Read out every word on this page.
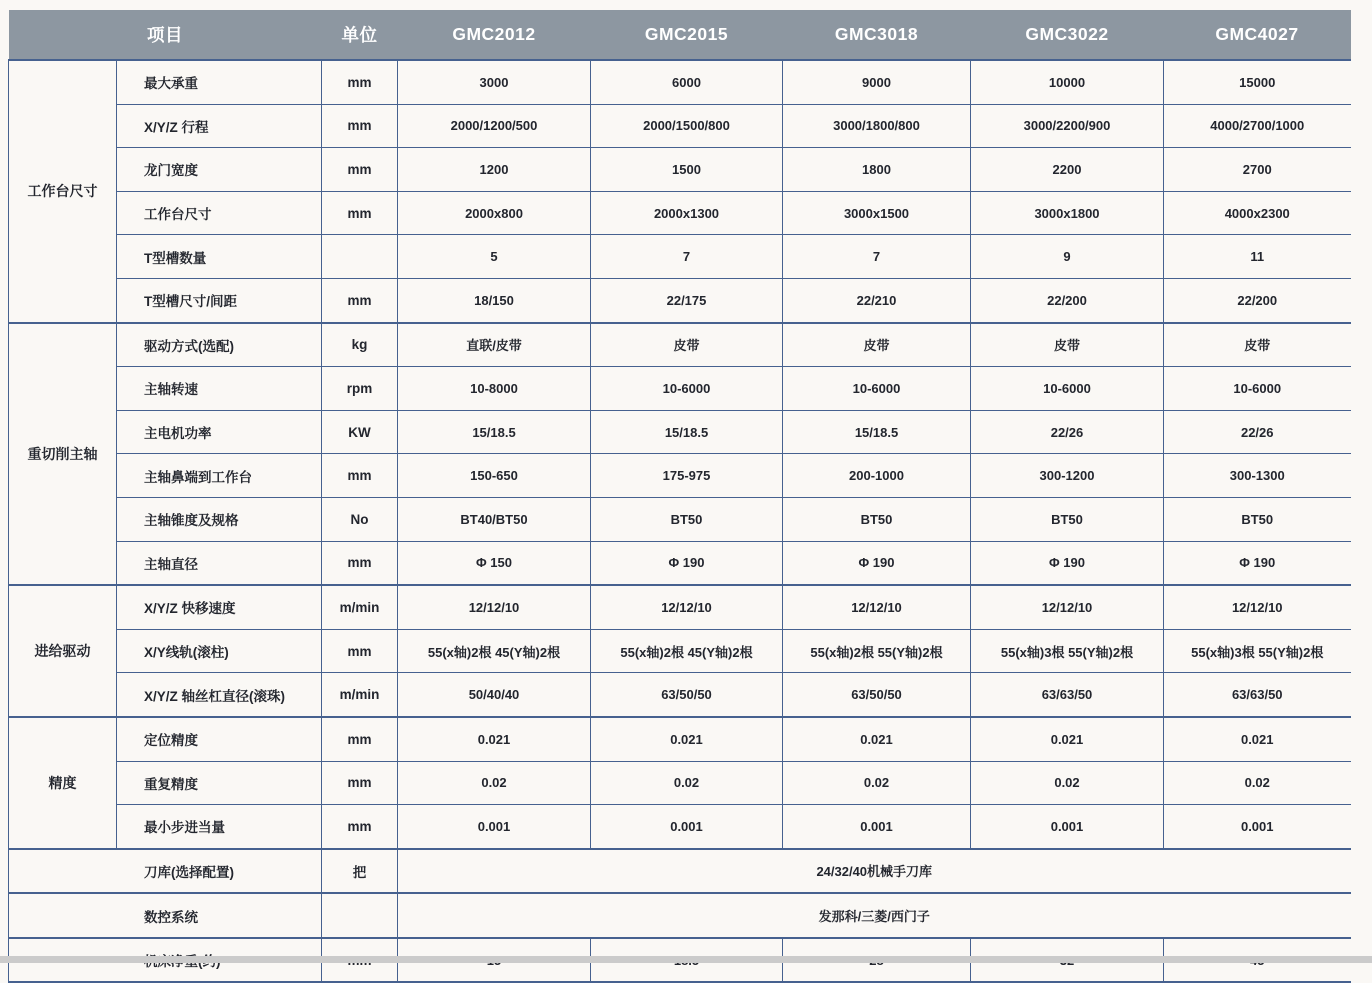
项目		单位	GMC2012	GMC2015	GMC3018	GMC3022	GMC4027
工作台尺寸	最大承重	mm	3000	6000	9000	10000	15000
	X/Y/Z 行程	mm	2000/1200/500	2000/1500/800	3000/1800/800	3000/2200/900	4000/2700/1000
	龙门宽度	mm	1200	1500	1800	2200	2700
	工作台尺寸	mm	2000x800	2000x1300	3000x1500	3000x1800	4000x2300
	T型槽数量		5	7	7	9	11
	T型槽尺寸/间距	mm	18/150	22/175	22/210	22/200	22/200
重切削主轴	驱动方式(选配)	kg	直联/皮带	皮带	皮带	皮带	皮带
	主轴转速	rpm	10-8000	10-6000	10-6000	10-6000	10-6000
	主电机功率	KW	15/18.5	15/18.5	15/18.5	22/26	22/26
	主轴鼻端到工作台	mm	150-650	175-975	200-1000	300-1200	300-1300
	主轴锥度及规格	No	BT40/BT50	BT50	BT50	BT50	BT50
	主轴直径	mm	Φ 150	Φ 190	Φ 190	Φ 190	Φ 190
进给驱动	X/Y/Z 快移速度	m/min	12/12/10	12/12/10	12/12/10	12/12/10	12/12/10
	X/Y线轨(滚柱)	mm	55(x轴)2根 45(Y轴)2根	55(x轴)2根 45(Y轴)2根	55(x轴)2根 55(Y轴)2根	55(x轴)3根 55(Y轴)2根	55(x轴)3根 55(Y轴)2根
	X/Y/Z 轴丝杠直径(滚珠)	m/min	50/40/40	63/50/50	63/50/50	63/63/50	63/63/50
精度	定位精度	mm	0.021	0.021	0.021	0.021	0.021
	重复精度	mm	0.02	0.02	0.02	0.02	0.02
	最小步进当量	mm	0.001	0.001	0.001	0.001	0.001
刀库(选择配置)		把	24/32/40机械手刀库				
数控系统			发那科/三菱/西门子				
